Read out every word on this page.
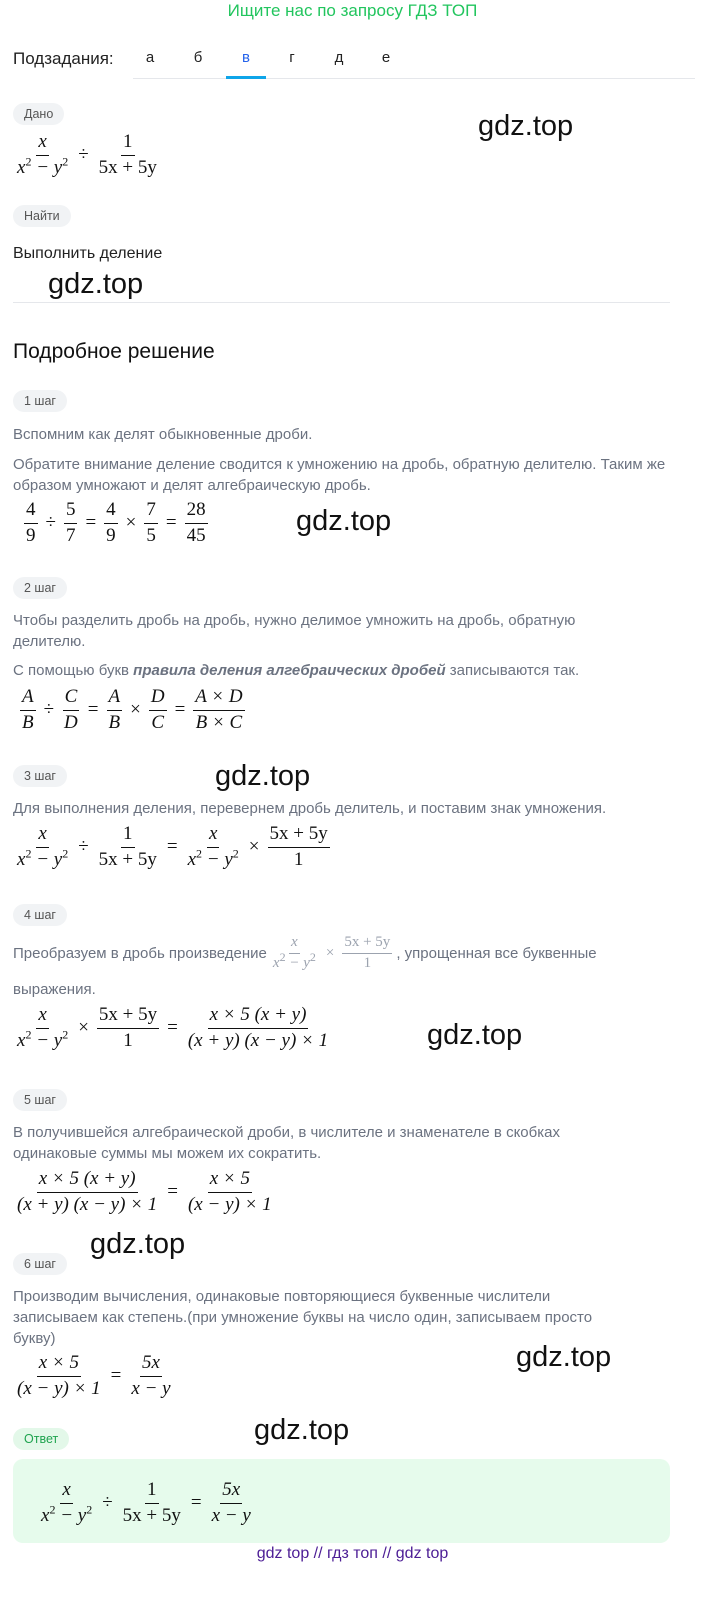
Ищите нас по запросу ГДЗ ТОП
Подзадания:	а	б	в	г	д	е
Дано
$\frac{x}{x^2 - y^2} \div \frac{1}{5x + 5y}$
gdz.top
Найти
Выполнить деление
gdz.top
Подробное решение
1 шаг
Вспомним как делят обыкновенные дроби.
Обратите внимание деление сводится к умножению на дробь, обратную делителю. Таким же образом умножают и делят алгебраическую дробь.
$\frac{4}{9} \div \frac{5}{7} = \frac{4}{9} \times \frac{7}{5} = \frac{28}{45}$	gdz.top
2 шаг
Чтобы разделить дробь на дробь, нужно делимое умножить на дробь, обратную делителю.
С помощью букв правила деления алгебраических дробей записываются так.
$\frac{A}{B} \div \frac{C}{D} = \frac{A}{B} \times \frac{D}{C} = \frac{A \times D}{B \times C}$
3 шаг	gdz.top
Для выполнения деления, перевернем дробь делитель, и поставим знак умножения.
$\frac{x}{x^2 - y^2} \div \frac{1}{5x + 5y} = \frac{x}{x^2 - y^2} \times \frac{5x + 5y}{1}$
4 шаг
Преобразуем в дробь произведение $\frac{x}{x^2 - y^2} \times \frac{5x + 5y}{1}$ , упрощенная все буквенные
выражения.
$\frac{x}{x^2 - y^2} \times \frac{5x + 5y}{1} = \frac{x \times 5 (x + y)}{(x + y) (x - y) \times 1}$	gdz.top
5 шаг
В получившейся алгебраической дроби, в числителе и знаменателе в скобках одинаковые суммы мы можем их сократить.
$\frac{x \times 5 (x + y)}{(x + y) (x - y) \times 1} = \frac{x \times 5}{(x - y) \times 1}$
gdz.top
6 шаг
Производим вычисления, одинаковые повторяющиеся буквенные числители записываем как степень.(при умножение буквы на число один, записываем просто букву)
$\frac{x \times 5}{(x - y) \times 1} = \frac{5x}{x - y}$	gdz.top
Ответ	gdz.top
$\frac{x}{x^2 - y^2} \div \frac{1}{5x + 5y} = \frac{5x}{x - y}$
gdz top // гдз топ // gdz top
